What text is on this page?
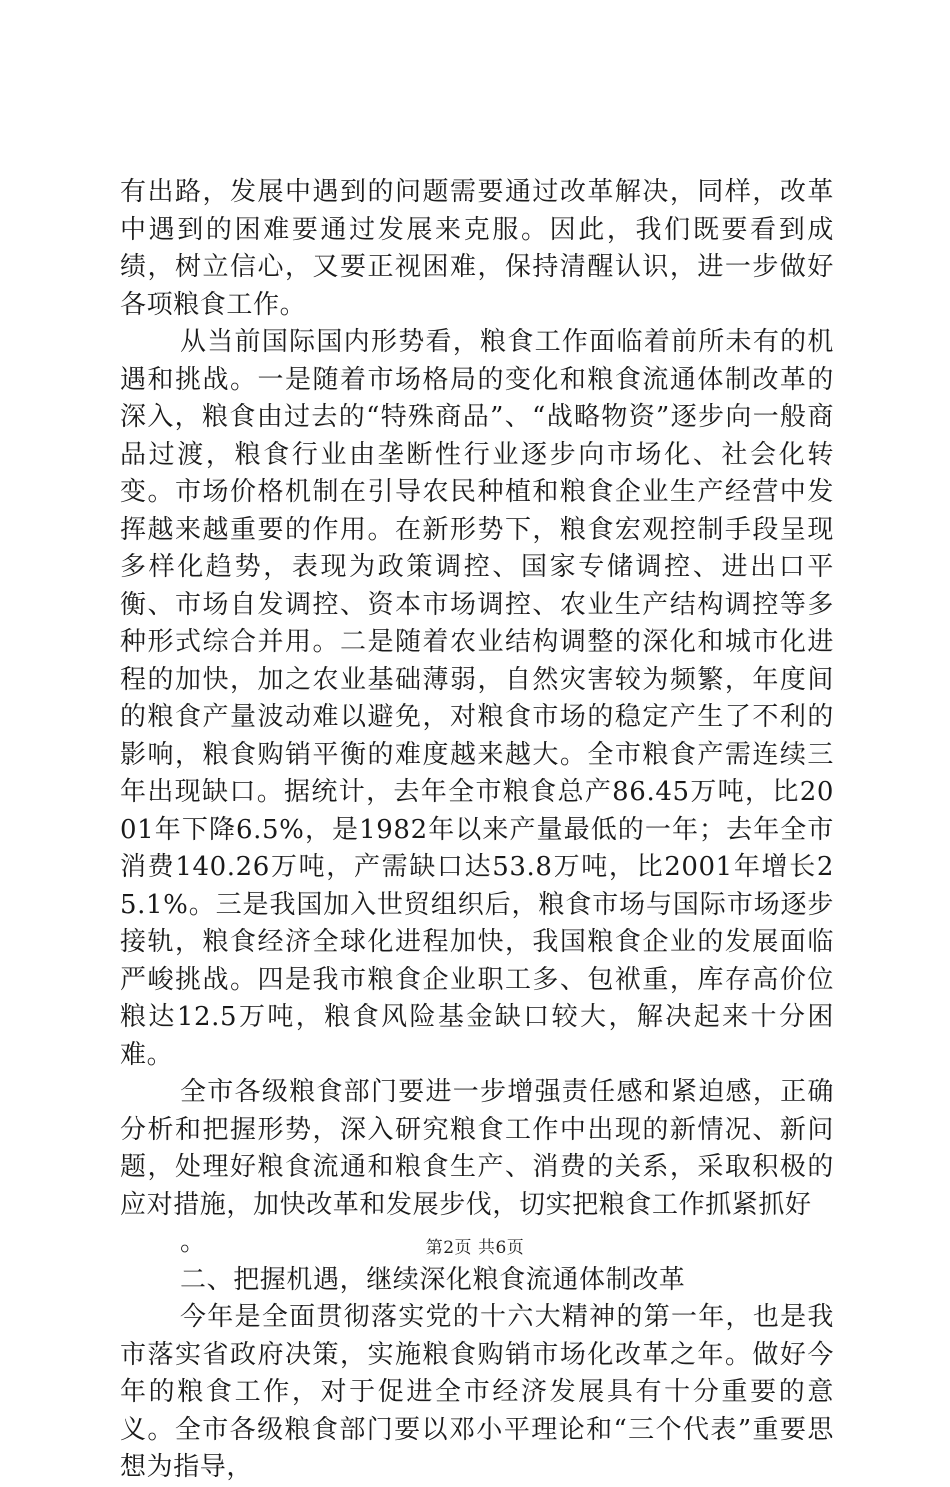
有出路，发展中遇到的问题需要通过改革解决，同样，改革中遇到的困难要通过发展来克服。因此，我们既要看到成绩，树立信心，又要正视困难，保持清醒认识，进一步做好各项粮食工作。

从当前国际国内形势看，粮食工作面临着前所未有的机遇和挑战。一是随着市场格局的变化和粮食流通体制改革的深入，粮食由过去的“特殊商品”、“战略物资”逐步向一般商品过渡，粮食行业由垄断性行业逐步向市场化、社会化转变。市场价格机制在引导农民种植和粮食企业生产经营中发挥越来越重要的作用。在新形势下，粮食宏观控制手段呈现多样化趋势，表现为政策调控、国家专储调控、进出口平衡、市场自发调控、资本市场调控、农业生产结构调控等多种形式综合并用。二是随着农业结构调整的深化和城市化进程的加快，加之农业基础薄弱，自然灾害较为频繁，年度间的粮食产量波动难以避免，对粮食市场的稳定产生了不利的影响，粮食购销平衡的难度越来越大。全市粮食产需连续三年出现缺口。据统计，去年全市粮食总产86.45万吨，比2001年下降6.5%，是1982年以来产量最低的一年；去年全市消费140.26万吨，产需缺口达53.8万吨，比2001年增长25.1%。三是我国加入世贸组织后，粮食市场与国际市场逐步接轨，粮食经济全球化进程加快，我国粮食企业的发展面临严峻挑战。四是我市粮食企业职工多、包袱重，库存高价位粮达12.5万吨，粮食风险基金缺口较大，解决起来十分困难。

全市各级粮食部门要进一步增强责任感和紧迫感，正确分析和把握形势，深入研究粮食工作中出现的新情况、新问题，处理好粮食流通和粮食生产、消费的关系，采取积极的应对措施，加快改革和发展步伐，切实把粮食工作抓紧抓好

。

二、把握机遇，继续深化粮食流通体制改革

今年是全面贯彻落实党的十六大精神的第一年，也是我市落实省政府决策，实施粮食购销市场化改革之年。做好今年的粮食工作，对于促进全市经济发展具有十分重要的意义。全市各级粮食部门要以邓小平理论和“三个代表”重要思想为指导，

第2页 共6页
